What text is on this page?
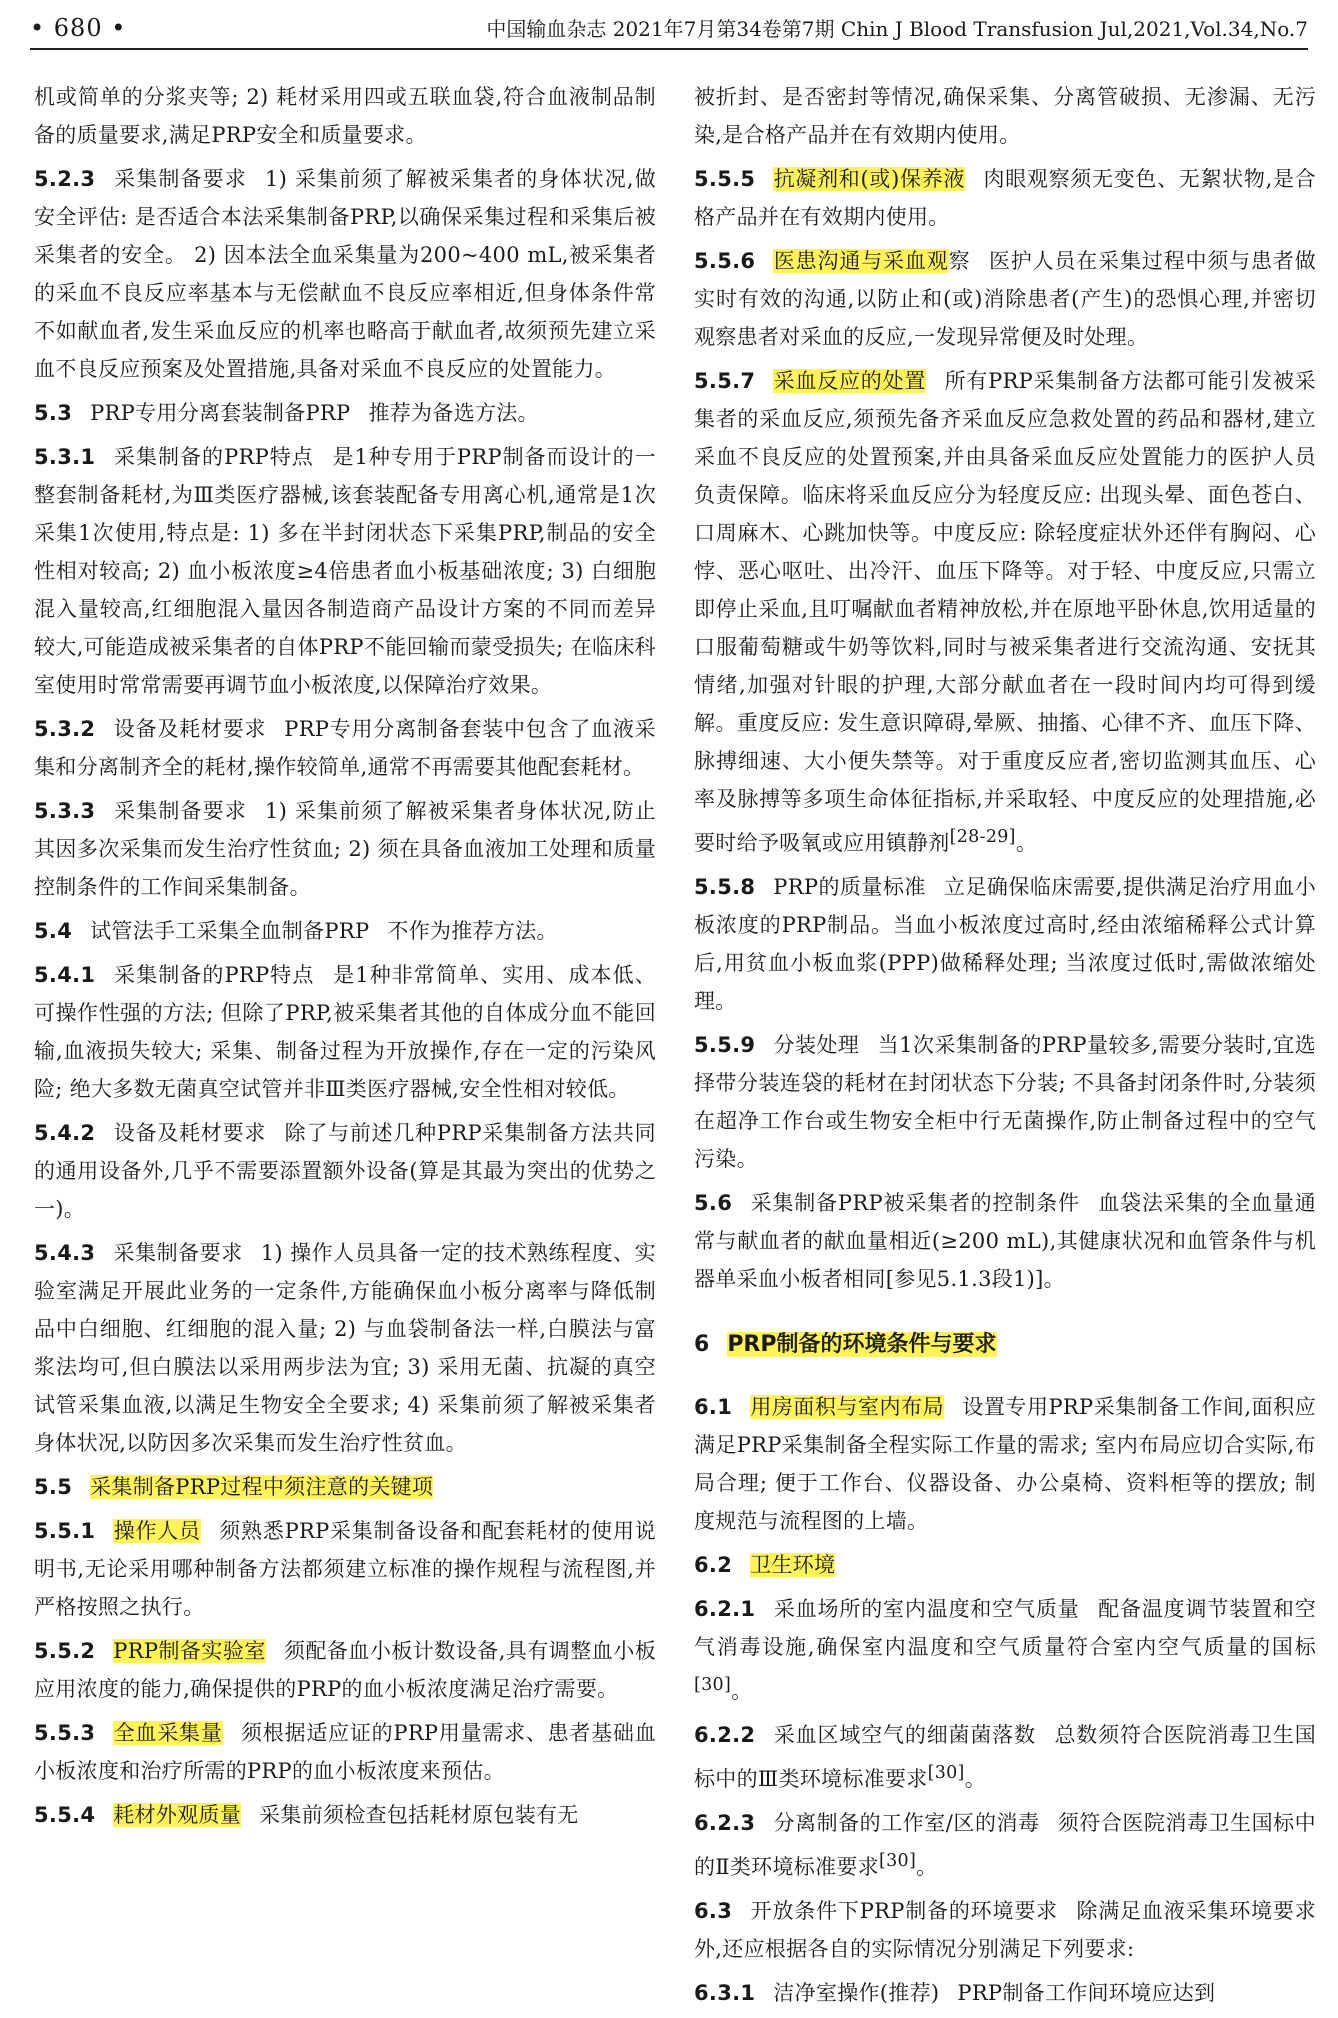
• 680 •	中国输血杂志 2021年7月第34卷第7期 Chin J Blood Transfusion Jul,2021,Vol.34,No.7

机或简单的分浆夹等; 2) 耗材采用四或五联血袋,符合血液制品制备的质量要求,满足PRP安全和质量要求。

5.2.3 采集制备要求 1) 采集前须了解被采集者的身体状况,做安全评估: 是否适合本法采集制备PRP,以确保采集过程和采集后被采集者的安全。 2) 因本法全血采集量为200~400 mL,被采集者的采血不良反应率基本与无偿献血不良反应率相近,但身体条件常不如献血者,发生采血反应的机率也略高于献血者,故须预先建立采血不良反应预案及处置措施,具备对采血不良反应的处置能力。

5.3 PRP专用分离套装制备PRP 推荐为备选方法。

5.3.1 采集制备的PRP特点 是1种专用于PRP制备而设计的一整套制备耗材,为Ⅲ类医疗器械,该套装配备专用离心机,通常是1次采集1次使用,特点是: 1) 多在半封闭状态下采集PRP,制品的安全性相对较高; 2) 血小板浓度≥4倍患者血小板基础浓度; 3) 白细胞混入量较高,红细胞混入量因各制造商产品设计方案的不同而差异较大,可能造成被采集者的自体PRP不能回输而蒙受损失; 在临床科室使用时常常需要再调节血小板浓度,以保障治疗效果。

5.3.2 设备及耗材要求 PRP专用分离制备套装中包含了血液采集和分离制齐全的耗材,操作较简单,通常不再需要其他配套耗材。

5.3.3 采集制备要求 1) 采集前须了解被采集者身体状况,防止其因多次采集而发生治疗性贫血; 2) 须在具备血液加工处理和质量控制条件的工作间采集制备。

5.4 试管法手工采集全血制备PRP 不作为推荐方法。

5.4.1 采集制备的PRP特点 是1种非常简单、实用、成本低、可操作性强的方法; 但除了PRP,被采集者其他的自体成分血不能回输,血液损失较大; 采集、制备过程为开放操作,存在一定的污染风险; 绝大多数无菌真空试管并非Ⅲ类医疗器械,安全性相对较低。

5.4.2 设备及耗材要求 除了与前述几种PRP采集制备方法共同的通用设备外,几乎不需要添置额外设备(算是其最为突出的优势之一)。

5.4.3 采集制备要求 1) 操作人员具备一定的技术熟练程度、实验室满足开展此业务的一定条件,方能确保血小板分离率与降低制品中白细胞、红细胞的混入量; 2) 与血袋制备法一样,白膜法与富浆法均可,但白膜法以采用两步法为宜; 3) 采用无菌、抗凝的真空试管采集血液,以满足生物安全全要求; 4) 采集前须了解被采集者身体状况,以防因多次采集而发生治疗性贫血。

5.5 采集制备PRP过程中须注意的关键项

5.5.1 操作人员 须熟悉PRP采集制备设备和配套耗材的使用说明书,无论采用哪种制备方法都须建立标准的操作规程与流程图,并严格按照之执行。

5.5.2 PRP制备实验室 须配备血小板计数设备,具有调整血小板应用浓度的能力,确保提供的PRP的血小板浓度满足治疗需要。

5.5.3 全血采集量 须根据适应证的PRP用量需求、患者基础血小板浓度和治疗所需的PRP的血小板浓度来预估。

5.5.4 耗材外观质量 采集前须检查包括耗材原包装有无

被折封、是否密封等情况,确保采集、分离管破损、无渗漏、无污染,是合格产品并在有效期内使用。

5.5.5 抗凝剂和(或)保养液 肉眼观察须无变色、无絮状物,是合格产品并在有效期内使用。

5.5.6 医患沟通与采血观察 医护人员在采集过程中须与患者做实时有效的沟通,以防止和(或)消除患者(产生)的恐惧心理,并密切观察患者对采血的反应,一发现异常便及时处理。

5.5.7 采血反应的处置 所有PRP采集制备方法都可能引发被采集者的采血反应,须预先备齐采血反应急救处置的药品和器材,建立采血不良反应的处置预案,并由具备采血反应处置能力的医护人员负责保障。临床将采血反应分为轻度反应: 出现头晕、面色苍白、口周麻木、心跳加快等。中度反应: 除轻度症状外还伴有胸闷、心悖、恶心呕吐、出冷汗、血压下降等。对于轻、中度反应,只需立即停止采血,且叮嘱献血者精神放松,并在原地平卧休息,饮用适量的口服葡萄糖或牛奶等饮料,同时与被采集者进行交流沟通、安抚其情绪,加强对针眼的护理,大部分献血者在一段时间内均可得到缓解。重度反应: 发生意识障碍,晕厥、抽搐、心律不齐、血压下降、脉搏细速、大小便失禁等。对于重度反应者,密切监测其血压、心率及脉搏等多项生命体征指标,并采取轻、中度反应的处理措施,必要时给予吸氧或应用镇静剂[28-29]。

5.5.8 PRP的质量标准 立足确保临床需要,提供满足治疗用血小板浓度的PRP制品。当血小板浓度过高时,经由浓缩稀释公式计算后,用贫血小板血浆(PPP)做稀释处理; 当浓度过低时,需做浓缩处理。

5.5.9 分装处理 当1次采集制备的PRP量较多,需要分装时,宜选择带分装连袋的耗材在封闭状态下分装; 不具备封闭条件时,分装须在超净工作台或生物安全柜中行无菌操作,防止制备过程中的空气污染。

5.6 采集制备PRP被采集者的控制条件 血袋法采集的全血量通常与献血者的献血量相近(≥200 mL),其健康状况和血管条件与机器单采血小板者相同[参见5.1.3段1)]。

6 PRP制备的环境条件与要求

6.1 用房面积与室内布局 设置专用PRP采集制备工作间,面积应满足PRP采集制备全程实际工作量的需求; 室内布局应切合实际,布局合理; 便于工作台、仪器设备、办公桌椅、资料柜等的摆放; 制度规范与流程图的上墙。

6.2 卫生环境

6.2.1 采血场所的室内温度和空气质量 配备温度调节装置和空气消毒设施,确保室内温度和空气质量符合室内空气质量的国标[30]。

6.2.2 采血区域空气的细菌菌落数 总数须符合医院消毒卫生国标中的Ⅲ类环境标准要求[30]。

6.2.3 分离制备的工作室/区的消毒 须符合医院消毒卫生国标中的Ⅱ类环境标准要求[30]。

6.3 开放条件下PRP制备的环境要求 除满足血液采集环境要求外,还应根据各自的实际情况分别满足下列要求:

6.3.1 洁净室操作(推荐) PRP制备工作间环境应达到
